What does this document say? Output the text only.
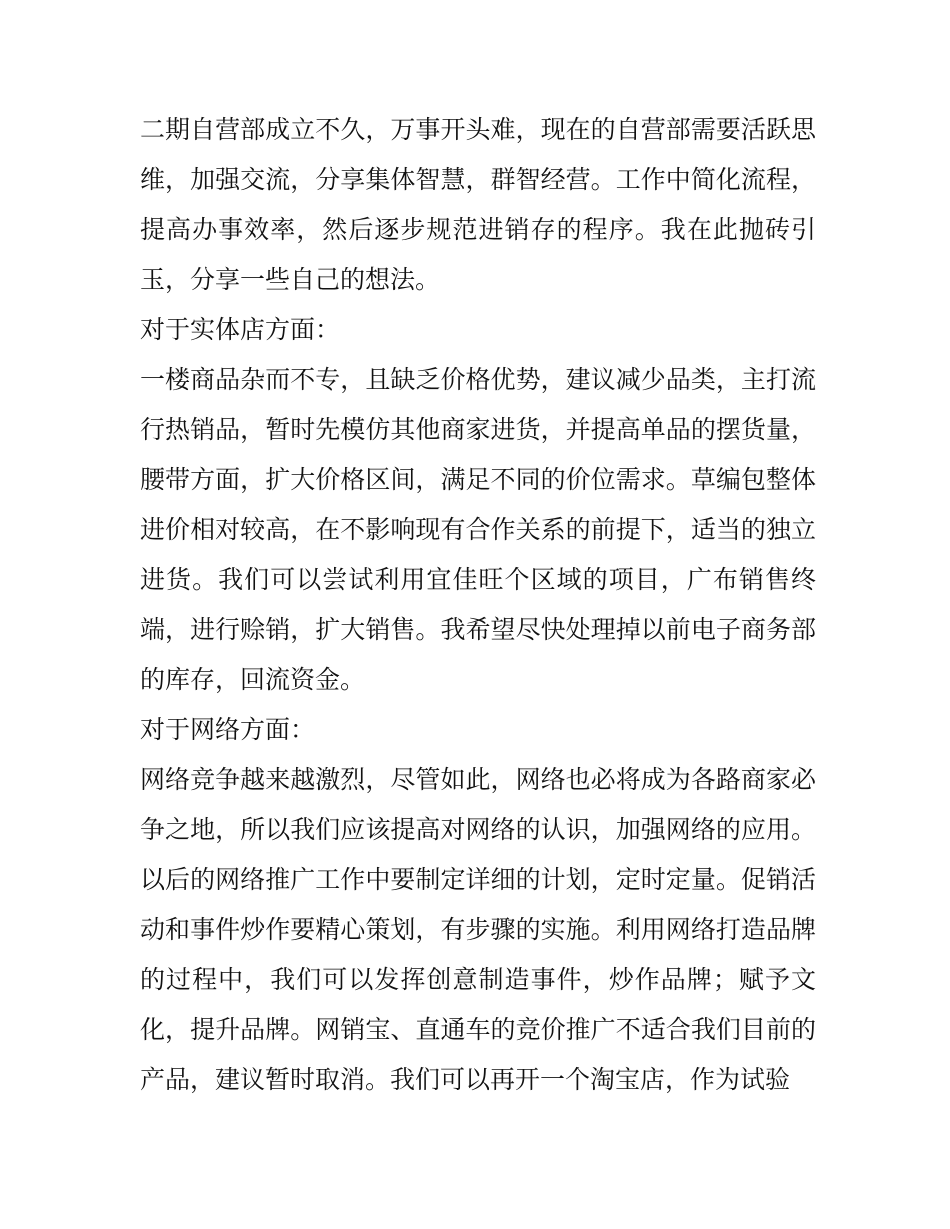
二期自营部成立不久，万事开头难，现在的自营部需要活跃思
维，加强交流，分享集体智慧，群智经营。工作中简化流程，
提高办事效率，然后逐步规范进销存的程序。我在此抛砖引
玉，分享一些自己的想法。
对于实体店方面：
一楼商品杂而不专，且缺乏价格优势，建议减少品类，主打流
行热销品，暂时先模仿其他商家进货，并提高单品的摆货量，
腰带方面，扩大价格区间，满足不同的价位需求。草编包整体
进价相对较高，在不影响现有合作关系的前提下，适当的独立
进货。我们可以尝试利用宜佳旺个区域的项目，广布销售终
端，进行赊销，扩大销售。我希望尽快处理掉以前电子商务部
的库存，回流资金。
对于网络方面：
网络竞争越来越激烈，尽管如此，网络也必将成为各路商家必
争之地，所以我们应该提高对网络的认识，加强网络的应用。
以后的网络推广工作中要制定详细的计划，定时定量。促销活
动和事件炒作要精心策划，有步骤的实施。利用网络打造品牌
的过程中，我们可以发挥创意制造事件，炒作品牌；赋予文
化，提升品牌。网销宝、直通车的竞价推广不适合我们目前的
产品，建议暂时取消。我们可以再开一个淘宝店，作为试验
